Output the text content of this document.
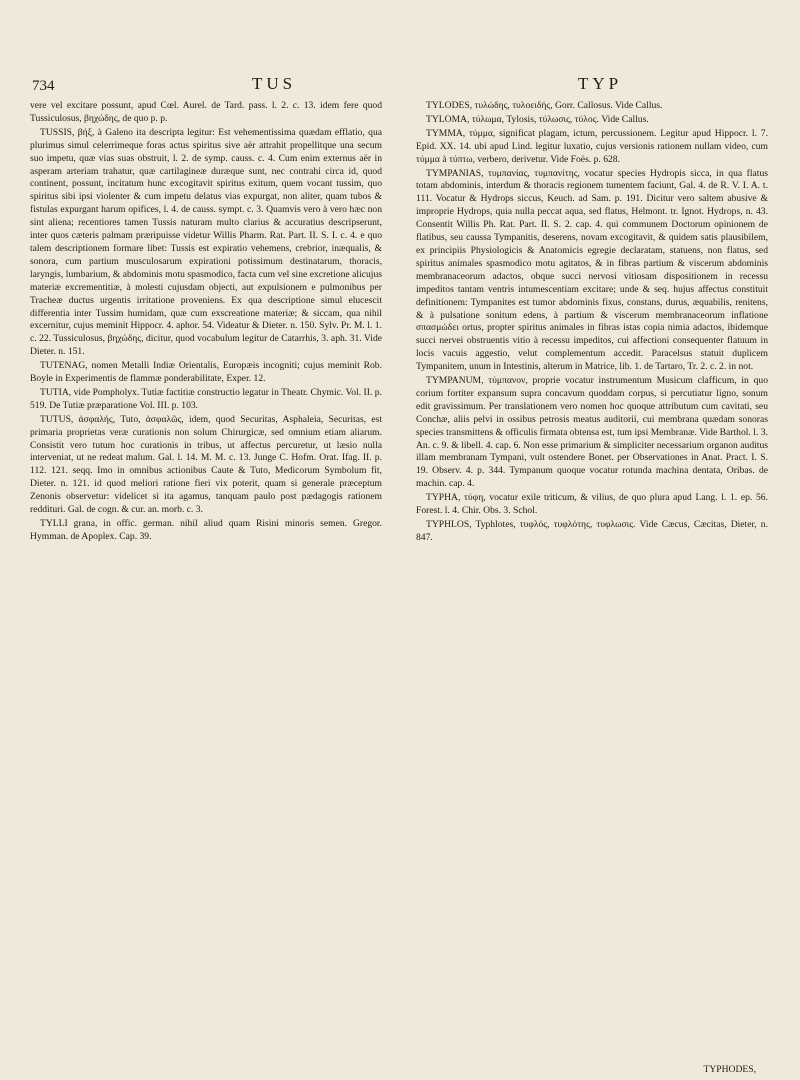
734	TUS	TYP

vere vel excitare possunt, apud Cœl. Aurel. de Tard. pass. l. 2. c. 13. idem fere quod Tussiculosus, βηχώδης, de quo p. p.

TUSSIS, βήξ, à Galeno ita descripta legitur: Est vehementissima quædam efflatio, qua plurimus simul celerrimeque foras actus spiritus sive aër attrahit propellitque una secum suo impetu, quæ vias suas obstruit, l. 2. de symp. causs. c. 4. Cum enim externus aër in asperam arteriam trahatur, quæ cartilagineæ duræque sunt, nec contrahi circa id, quod continent, possunt, incitatum hunc excogitavit spiritus exitum, quem vocant tussim, quo spiritus sibi ipsi violenter & cum impetu delatus vias expurgat, non aliter, quam tubos & fistulas expurgant harum opifices, l. 4. de causs. sympt. c. 3. Quamvis vero à vero hæc non sint aliena; recentiores tamen Tussis naturam multo clarius & accuratius descripserunt, inter quos cæteris palmam præripuisse videtur Willis Pharm. Rat. Part. II. S. I. c. 4. e quo talem descriptionem formare libet: Tussis est expiratio vehemens, crebrior, inæqualis, & sonora, cum partium musculosarum expirationi potissimum destinatarum, thoracis, laryngis, lumbarium, & abdominis motu spasmodico, facta cum vel sine excretione alicujus materiæ excrementitiæ, à molesti cujusdam objecti, aut expulsionem e pulmonibus per Tracheæ ductus urgentis irritatione proveniens. Ex qua descriptione simul elucescit differentia inter Tussim humidam, quæ cum exscreatione materiæ; & siccam, qua nihil excernitur, cujus meminit Hippocr. 4. aphor. 54. Videatur & Dieter. n. 150. Sylv. Pr. M. l. 1. c. 22. Tussiculosus, βηχώδης, dicitur, quod vocabulum legitur de Catarrhis, 3. aph. 31. Vide Dieter. n. 151.

TUTENAG, nomen Metalli Indiæ Orientalis, Europæis incogniti; cujus meminit Rob. Boyle in Experimentis de flammæ ponderabilitate, Exper. 12.

TUTIA, vide Pompholyx. Tutiæ factitiæ constructio legatur in Theatr. Chymic. Vol. II. p. 519. De Tutiæ præparatione Vol. III. p. 103.

TUTUS, ἀσφαλής, Tuto, ἀσφαλῶς, idem, quod Securitas, Asphaleia, Securitas, est primaria proprietas veræ curationis non solum Chirurgicæ, sed omnium etiam aliarum. Consistit vero tutum hoc curationis in tribus, ut affectus percuretur, ut læsio nulla interveniat, ut ne redeat malum. Gal. l. 14. M. M. c. 13. Junge C. Hofm. Orat. Ifag. II. p. 112. 121. seqq. Imo in omnibus actionibus Caute & Tuto, Medicorum Symbolum fit, Dieter. n. 121. id quod meliori ratione fieri vix poterit, quam si generale præceptum Zenonis observetur: videlicet si ita agamus, tanquam paulo post pædagogis rationem reddituri. Gal. de cogn. & cur. an. morb. c. 3.

TYLLI grana, in offic. german. nihil aliud quam Risini minoris semen. Gregor. Hymman. de Apoplex. Cap. 39.

TYLODES, τυλώδης, τυλοειδής, Gorr. Callosus. Vide Callus.

TYLOMA, τύλωμα, Tylosis, τύλωσις, τύλος. Vide Callus.

TYMMA, τύμμα, significat plagam, ictum, percussionem. Legitur apud Hippocr. l. 7. Epid. XX. 14. ubi apud Lind. legitur luxatio, cujus versionis rationem nullam video, cum τύμμα à τύπτω, verbero, derivetur. Vide Foës. p. 628.

TYMPANIAS, τυμπανίας, τυμπανίτης, vocatur species Hydropis sicca, in qua flatus totam abdominis, interdum & thoracis regionem tumentem faciunt, Gal. 4. de R. V. I. A. t. 111. Vocatur & Hydrops siccus, Keuch. ad Sam. p. 191. Dicitur vero saltem abusive & improprie Hydrops, quia nulla peccat aqua, sed flatus, Helmont. tr. Ignot. Hydrops, n. 43. Consentit Willis Ph. Rat. Part. II. S. 2. cap. 4. qui communem Doctorum opinionem de flatibus, seu caussa Tympanitis, deserens, novam excogitavit, & quidem satis plausibilem, ex principiis Physiologicis & Anatomicis egregie declaratam, statuens, non flatus, sed spiritus animales spasmodico motu agitatos, & in fibras partium & viscerum abdominis membranaceorum adactos, obque succi nervosi vitiosam dispositionem in recessu impeditos tantam ventris intumescentiam excitare; unde & seq. hujus affectus constituit definitionem: Tympanites est tumor abdominis fixus, constans, durus, æquabilis, renitens, & à pulsatione sonitum edens, à partium & viscerum membranaceorum inflatione σπασμώδει ortus, propter spiritus animales in fibras istas copia nimia adactos, ibidemque succi nervei obstruentis vitio à recessu impeditos, cui affectioni consequenter flatuum in locis vacuis aggestio, velut complementum accedit. Paracelsus statuit duplicem Tympanitem, unum in Intestinis, alterum in Matrice, lib. 1. de Tartaro, Tr. 2. c. 2. in not.

TYMPANUM, τύμπανον, proprie vocatur instrumentum Musicum clafficum, in quo corium fortiter expansum supra concavum quoddam corpus, si percutiatur ligno, sonum edit gravissimum. Per translationem vero nomen hoc quoque attributum cum cavitati, seu Conchæ, aliis pelvi in ossibus petrosis meatus auditorii, cui membrana quædam sonoras species transmittens & officulis firmata obtensa est, tum ipsi Membranæ. Vide Barthol. l. 3. An. c. 9. & libell. 4. cap. 6. Non esse primarium & simpliciter necessarium organon auditus illam membranam Tympani, vult ostendere Bonet. per Observationes in Anat. Pract. I. S. 19. Observ. 4. p. 344. Tympanum quoque vocatur rotunda machina dentata, Oribas. de machin. cap. 4.

TYPHA, τύφη, vocatur exile triticum, & vilius, de quo plura apud Lang. l. 1. ep. 56. Forest. l. 4. Chir. Obs. 3. Schol.

TYPHLOS, Typhlotes, τυφλός, τυφλότης, τυφλωσις. Vide Cæcus, Cæcitas, Dieter, n. 847.

TYPHODES,
